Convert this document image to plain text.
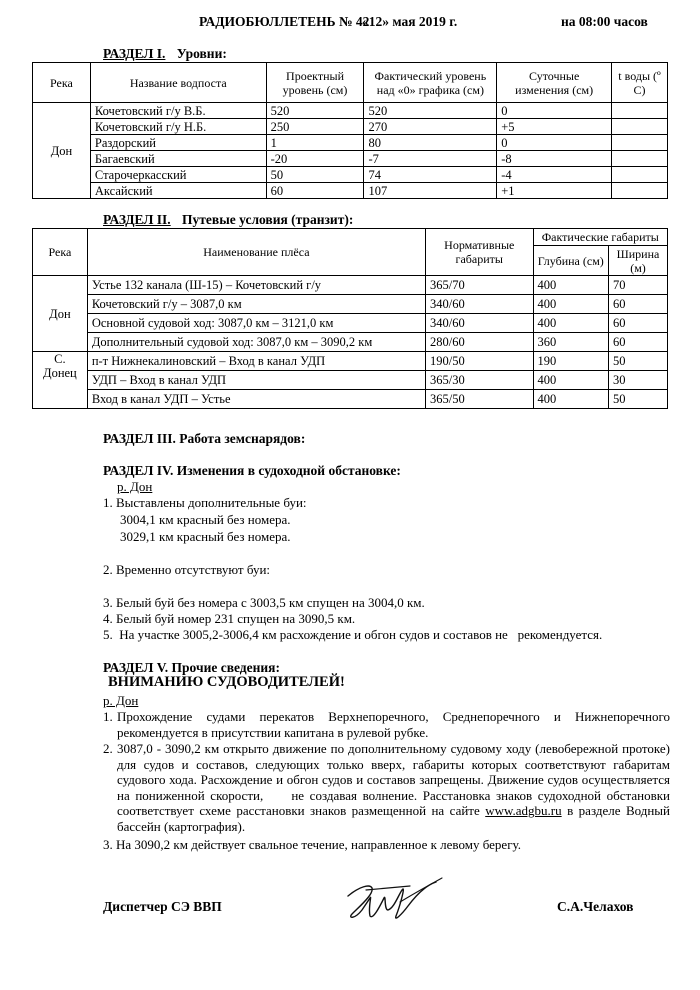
РАДИОБЮЛЛЕТЕНЬ № 42
«12» мая 2019 г.	на 08:00 часов
РАЗДЕЛ I. Уровни:
Река	Название водпоста	Проектный уровень (см)	Фактический уровень над «0» графика (см)	Суточные изменения (см)	t воды (º C)
Дон	Кочетовский г/у В.Б.	520	520	0	
	Кочетовский г/у Н.Б.	250	270	+5	
	Раздорский	1	80	0	
	Багаевский	-20	-7	-8	
	Старочеркасский	50	74	-4	
	Аксайский	60	107	+1	
РАЗДЕЛ II. Путевые условия (транзит):
Река	Наименование плёса	Нормативные габариты	Фактические габариты	
			Глубина (см)	Ширина (м)
Дон	Устье 132 канала (Ш-15) – Кочетовский г/у	365/70	400	70
	Кочетовский г/у – 3087,0 км	340/60	400	60
	Основной судовой ход: 3087,0 км – 3121,0 км	340/60	400	60
	Дополнительный судовой ход: 3087,0 км – 3090,2 км	280/60	360	60
С. Донец	п-т Нижнекалиновский – Вход в канал УДП	190/50	190	50
	УДП – Вход в канал УДП	365/30	400	30
	Вход в канал УДП – Устье	365/50	400	50
РАЗДЕЛ III. Работа земснарядов:
РАЗДЕЛ IV. Изменения в судоходной обстановке:
р. Дон
1. Выставлены дополнительные буи:
3004,1 км красный без номера.
3029,1 км красный без номера.
2. Временно отсутствуют буи:
3. Белый буй без номера с 3003,5 км спущен на 3004,0 км.
4. Белый буй номер 231 спущен на 3090,5 км.
5.  На участке 3005,2-3006,4 км расхождение и обгон судов и составов не   рекомендуется.
РАЗДЕЛ V. Прочие сведения:
ВНИМАНИЮ СУДОВОДИТЕЛЕЙ!
р. Дон
1. Прохождение судами перекатов Верхнепоречного, Среднепоречного и Нижнепоречного рекомендуется в присутствии капитана в рулевой рубке.
2. 3087,0 - 3090,2 км открыто движение по дополнительному судовому ходу (левобережной протоке) для судов и составов, следующих только вверх, габариты которых соответствуют габаритам судового хода. Расхождение и обгон судов и составов запрещены. Движение судов осуществляется на пониженной скорости,     не создавая волнение. Расстановка знаков судоходной обстановки соответствует схеме расстановки знаков размещенной на сайте www.adgbu.ru в разделе Водный бассейн (картография).
3. На 3090,2 км действует свальное течение, направленное к левому берегу.
Диспетчер СЭ ВВП	С.А.Челахов
